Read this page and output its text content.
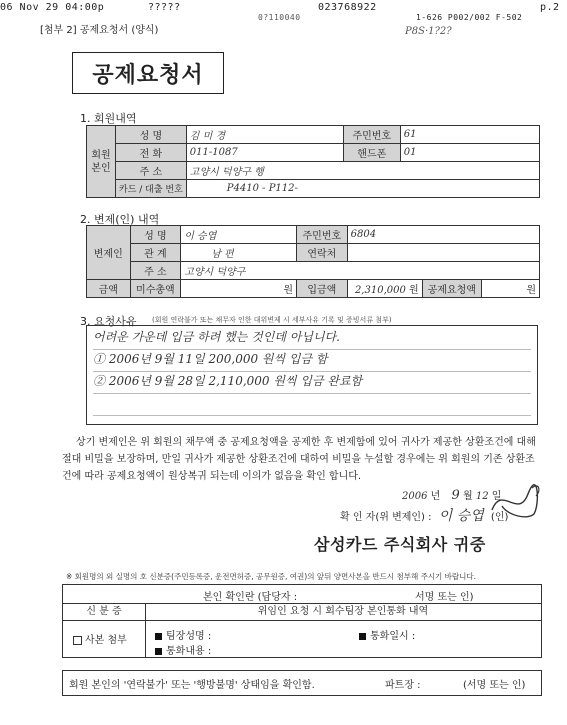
06 Nov 29 04:00p	?????	023768922	p.2
0?110040	1-626 P002/002 F-502
P8S·1?2?
[첨부 2] 공제요청서 (양식)
공제요청서
1. 회원내역
회원본인	성 명	김 미 경	주민번호	61
	전 화	011-1087	핸드폰	01
	주 소	고양시 덕양구 행		
	카드 / 대출 번호	P4410 - P112-		
2. 변제(인) 내역
변제인	성 명	이 승엽	주민번호	6804		
	관 계	남 편	연락처			
	주 소	고양시 덕양구				
금액	미수총액	원	입금액	2,310,000 원	공제요청액	원
3. 요청사유 (회원 연락불가 또는 채무자 인한 대위변제 시 세부사유 기록 및 증빙서류 첨부)
어려운 가운데 입금 하려 했는 것인데 아닙니다.
① 2006년 9월 11일 200,000 원씩 입금 함
② 2006년 9월 28일 2,110,000 원씩 입금 완료함
상기 변제인은 위 회원의 채무액 중 공제요청액을 공제한 후 변제함에 있어 귀사가 제공한 상환조건에 대해 절대 비밀을 보장하며, 만일 귀사가 제공한 상환조건에 대하여 비밀을 누설할 경우에는 위 회원의 기존 상환조건에 따라 공제요청액이 원상복귀 되는데 이의가 없음을 확인 합니다.
2006 년 9 월 12 일
확 인 자(위 변제인) : 이 승엽 (인)
삼성카드 주식회사 귀중
※ 회원명의 외 실명의 호 신분증(주민등록증, 운전면허증, 공무원증, 여권)의 앞뒤 양면사본을 반드시 첨부해 주시기 바랍니다.
본인 확인란 (담당자 :	서명 또는 인)
신 분 증
사본 첨부
위임인 요청 시 회수팀장 본인통화 내역
팀장성명 :	통화일시 :
통화내용 :
회원 본인의 '연락불가' 또는 '행방불명' 상태임을 확인함.	파트장 :	(서명 또는 인)
